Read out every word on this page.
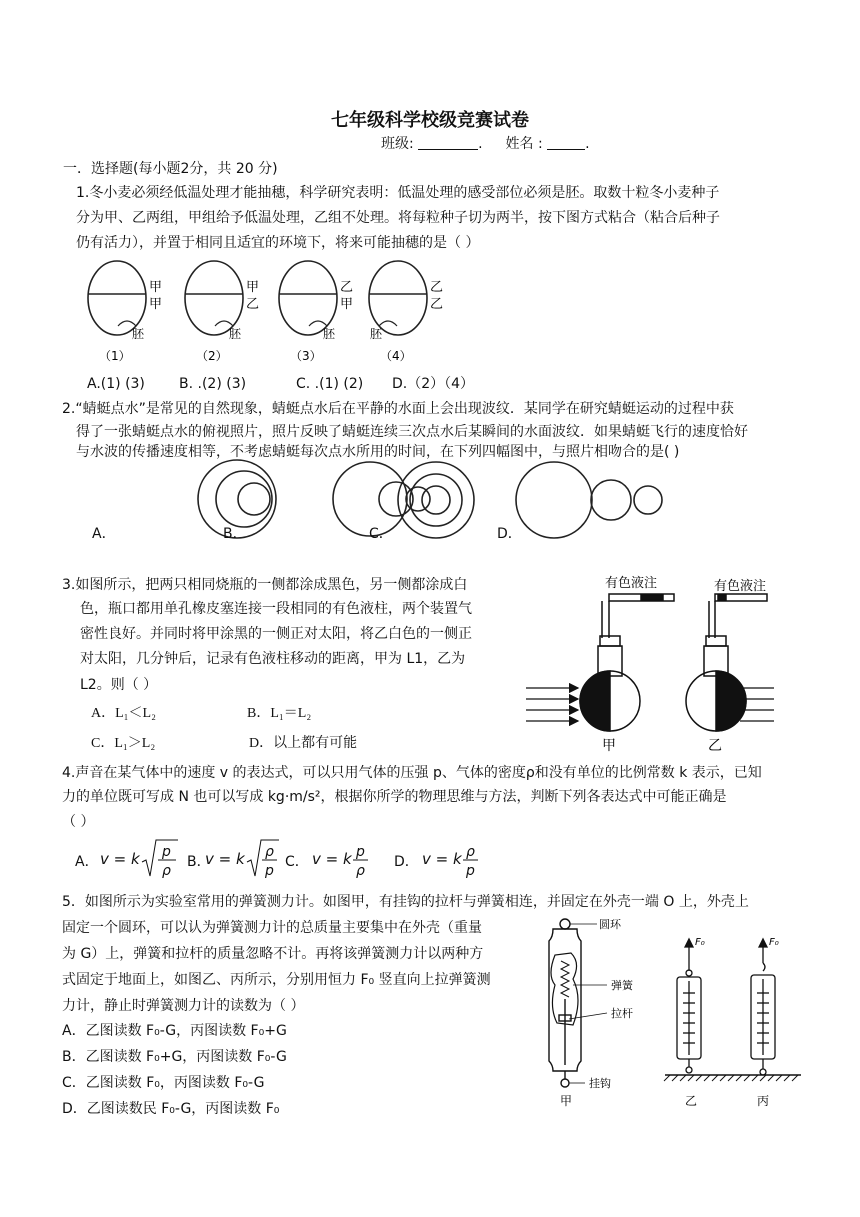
七年级科学校级竞赛试卷
班级:	.  姓名 :	.
一．选择题(每小题2分，共 20 分)
1.冬小麦必须经低温处理才能抽穗，科学研究表明：低温处理的感受部位必须是胚。取数十粒冬小麦种子
分为甲、乙两组，甲组给予低温处理，乙组不处理。将每粒种子切为两半，按下图方式粘合（粘合后种子
仍有活力），并置于相同且适宜的环境下，将来可能抽穗的是（ ）
甲
甲
胚
（1）
甲
乙
胚
（2）
乙
甲
胚
（3）
乙
乙
胚
（4）
A.(1) (3) B. .(2) (3)	C. .(1) (2) D.（2）（4）
2.“蜻蜓点水”是常见的自然现象，蜻蜓点水后在平静的水面上会出现波纹．某同学在研究蜻蜓运动的过程中获
得了一张蜻蜓点水的俯视照片，照片反映了蜻蜓连续三次点水后某瞬间的水面波纹．如果蜻蜓飞行的速度恰好
与水波的传播速度相等，不考虑蜻蜓每次点水所用的时间，在下列四幅图中，与照片相吻合的是( )
A．	B．	C．	D．
3.如图所示，把两只相同烧瓶的一侧都涂成黑色，另一侧都涂成白
色，瓶口都用单孔橡皮塞连接一段相同的有色液柱，两个装置气
密性良好。并同时将甲涂黑的一侧正对太阳，将乙白色的一侧正
对太阳，几分钟后，记录有色液柱移动的距离，甲为 L1，乙为
L2。则（ ）
A．L₁＜L₂	B．L₁＝L₂
C．L₁＞L₂	D．以上都有可能
有色液注	有色液注
甲	乙
4.声音在某气体中的速度 v 的表达式，可以只用气体的压强 p、气体的密度ρ和没有单位的比例常数 k 表示，已知
力的单位既可写成 N 也可以写成 kg·m/s²，根据你所学的物理思维与方法，判断下列各表达式中可能正确是
（ ）
A． v = k p
ρ
B．
v = k ρ
p
C． v = k p
ρ
D． v = k ρ
p
5．如图所示为实验室常用的弹簧测力计。如图甲，有挂钩的拉杆与弹簧相连，并固定在外壳一端 O 上，外壳上
固定一个圆环，可以认为弹簧测力计的总质量主要集中在外壳（重量
为 G）上，弹簧和拉杆的质量忽略不计。再将该弹簧测力计以两种方
式固定于地面上，如图乙、丙所示，分别用恒力 F₀ 竖直向上拉弹簧测
力计，静止时弹簧测力计的读数为（ ）
A．乙图读数 F₀-G，丙图读数 F₀+G
B．乙图读数 F₀+G，丙图读数 F₀-G
C．乙图读数 F₀，丙图读数 F₀-G
D．乙图读数民 F₀-G，丙图读数 F₀
圆环
弹簧
拉杆
挂钩
甲
F₀
乙
F₀
丙
